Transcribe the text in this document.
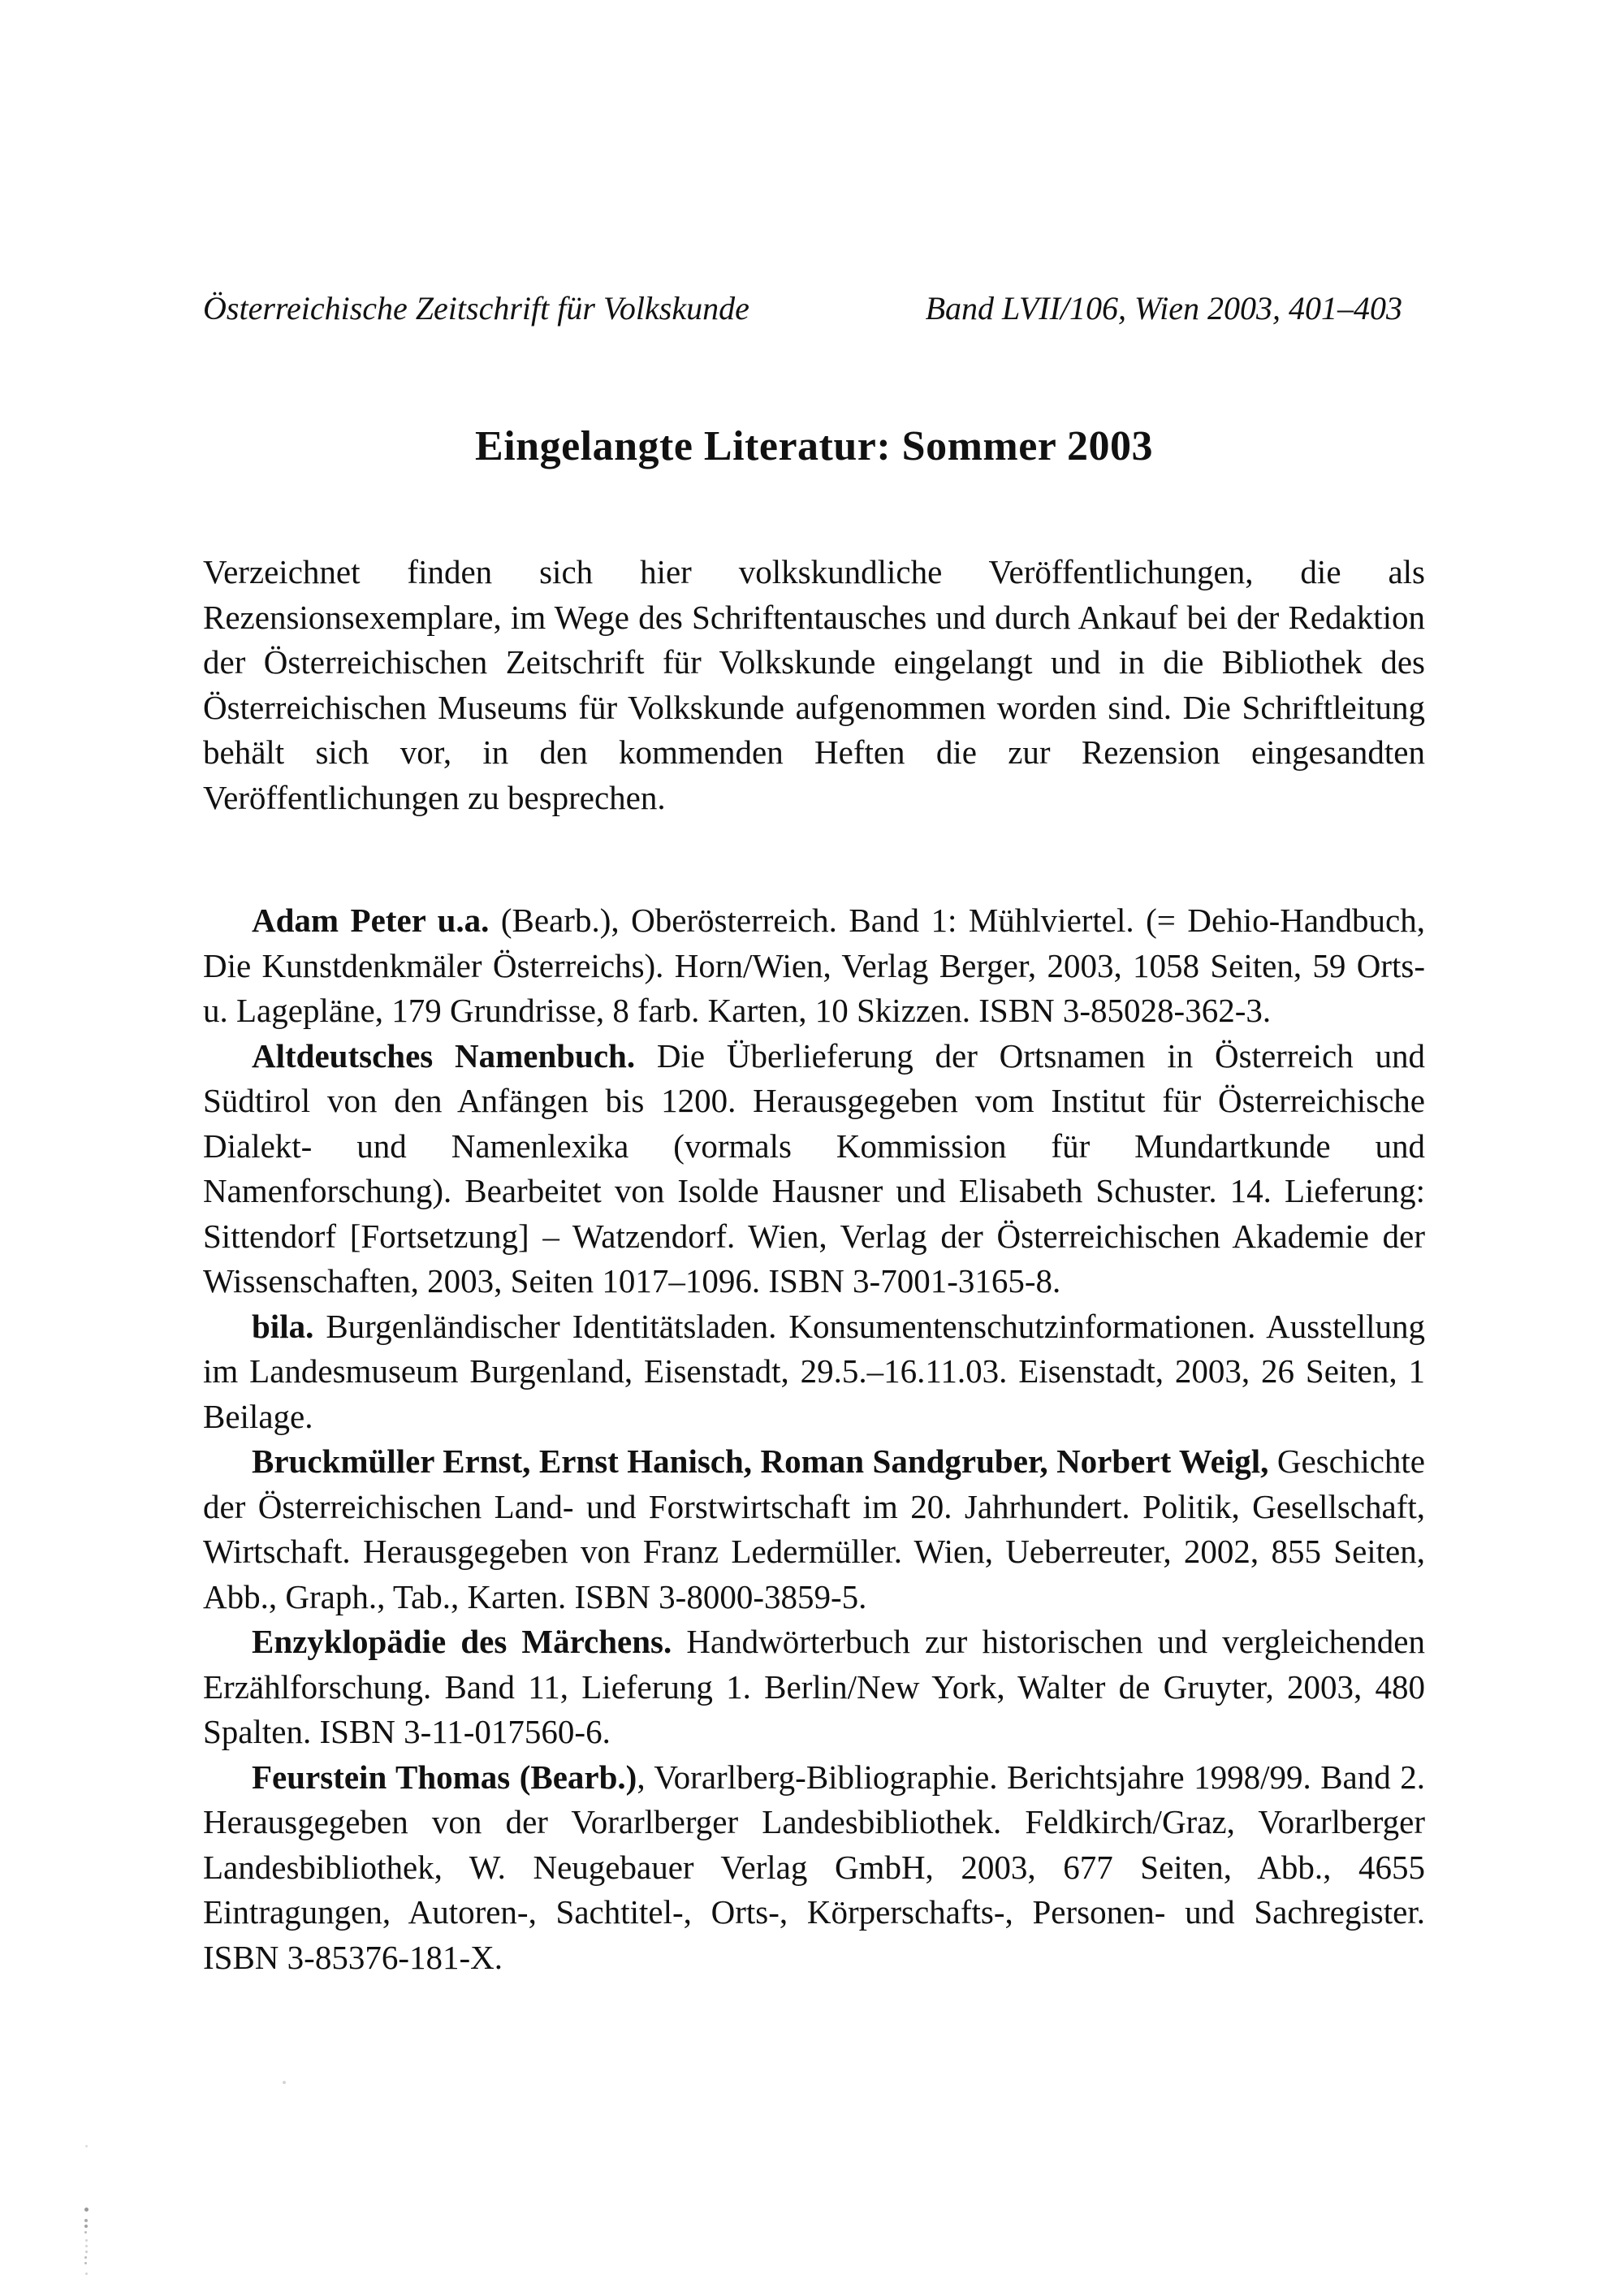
Österreichische Zeitschrift für Volkskunde	Band LVII/106, Wien 2003, 401–403
Eingelangte Literatur: Sommer 2003

Verzeichnet finden sich hier volkskundliche Veröffentlichungen, die als Rezensionsexemplare, im Wege des Schriftentausches und durch Ankauf bei der Redaktion der Österreichischen Zeitschrift für Volkskunde eingelangt und in die Bibliothek des Österreichischen Museums für Volkskunde aufgenommen worden sind. Die Schriftleitung behält sich vor, in den kommenden Heften die zur Rezension eingesandten Veröffentlichungen zu besprechen.

Adam Peter u.a. (Bearb.), Oberösterreich. Band 1: Mühlviertel. (= Dehio-Handbuch, Die Kunstdenkmäler Österreichs). Horn/Wien, Verlag Berger, 2003, 1058 Seiten, 59 Orts- u. Lagepläne, 179 Grundrisse, 8 farb. Karten, 10 Skizzen. ISBN 3-85028-362-3.

Altdeutsches Namenbuch. Die Überlieferung der Ortsnamen in Österreich und Südtirol von den Anfängen bis 1200. Herausgegeben vom Institut für Österreichische Dialekt- und Namenlexika (vormals Kommission für Mundartkunde und Namenforschung). Bearbeitet von Isolde Hausner und Elisabeth Schuster. 14. Lieferung: Sittendorf [Fortsetzung] – Watzendorf. Wien, Verlag der Österreichischen Akademie der Wissenschaften, 2003, Seiten 1017–1096. ISBN 3-7001-3165-8.

bila. Burgenländischer Identitätsladen. Konsumentenschutzinformationen. Ausstellung im Landesmuseum Burgenland, Eisenstadt, 29.5.–16.11.03. Eisenstadt, 2003, 26 Seiten, 1 Beilage.

Bruckmüller Ernst, Ernst Hanisch, Roman Sandgruber, Norbert Weigl, Geschichte der Österreichischen Land- und Forstwirtschaft im 20. Jahrhundert. Politik, Gesellschaft, Wirtschaft. Herausgegeben von Franz Ledermüller. Wien, Ueberreuter, 2002, 855 Seiten, Abb., Graph., Tab., Karten. ISBN 3-8000-3859-5.

Enzyklopädie des Märchens. Handwörterbuch zur historischen und vergleichenden Erzählforschung. Band 11, Lieferung 1. Berlin/New York, Walter de Gruyter, 2003, 480 Spalten. ISBN 3-11-017560-6.

Feurstein Thomas (Bearb.), Vorarlberg-Bibliographie. Berichtsjahre 1998/99. Band 2. Herausgegeben von der Vorarlberger Landesbibliothek. Feldkirch/Graz, Vorarlberger Landesbibliothek, W. Neugebauer Verlag GmbH, 2003, 677 Seiten, Abb., 4655 Eintragungen, Autoren-, Sachtitel-, Orts-, Körperschafts-, Personen- und Sachregister. ISBN 3-85376-181-X.
